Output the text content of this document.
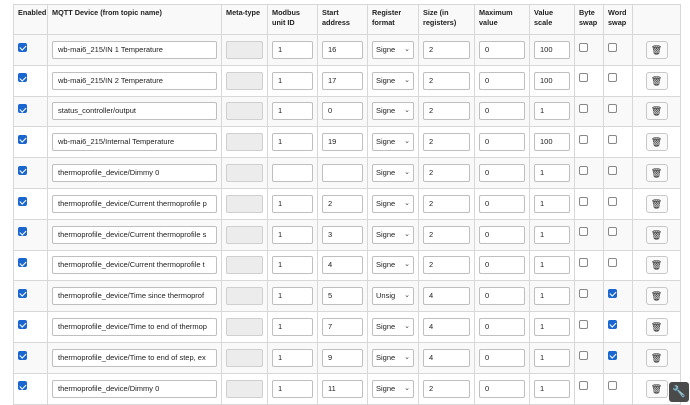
Enabled	MQTT Device (from topic name)	Meta-type	Modbus unit ID	Start address	Register format	Size (in registers)	Maximum value	Value scale	Byte swap	Word swap	

	wb-mai6_215/IN 1 Temperature		1	16	Signe ⌄	2	0	100			🗑

	wb-mai6_215/IN 2 Temperature		1	17	Signe ⌄	2	0	100			🗑

	status_controller/output		1	0	Signe ⌄	2	0	1			🗑

	wb-mai6_215/Internal Temperature		1	19	Signe ⌄	2	0	100			🗑

	thermoprofile_device/Dimmy 0				Signe ⌄	2	0	1			🗑

	thermoprofile_device/Current thermoprofile p		1	2	Signe ⌄	2	0	1			🗑

	thermoprofile_device/Current thermoprofile s		1	3	Signe ⌄	2	0	1			🗑

	thermoprofile_device/Current thermoprofile t		1	4	Signe ⌄	2	0	1			🗑

	thermoprofile_device/Time since thermoprof		1	5	Unsig ⌄	4	0	1			🗑

	thermoprofile_device/Time to end of thermop		1	7	Signe ⌄	4	0	1			🗑

	thermoprofile_device/Time to end of step, ex		1	9	Signe ⌄	4	0	1			🗑

	thermoprofile_device/Dimmy 0		1	11	Signe ⌄	2	0	1			🗑 🔧
